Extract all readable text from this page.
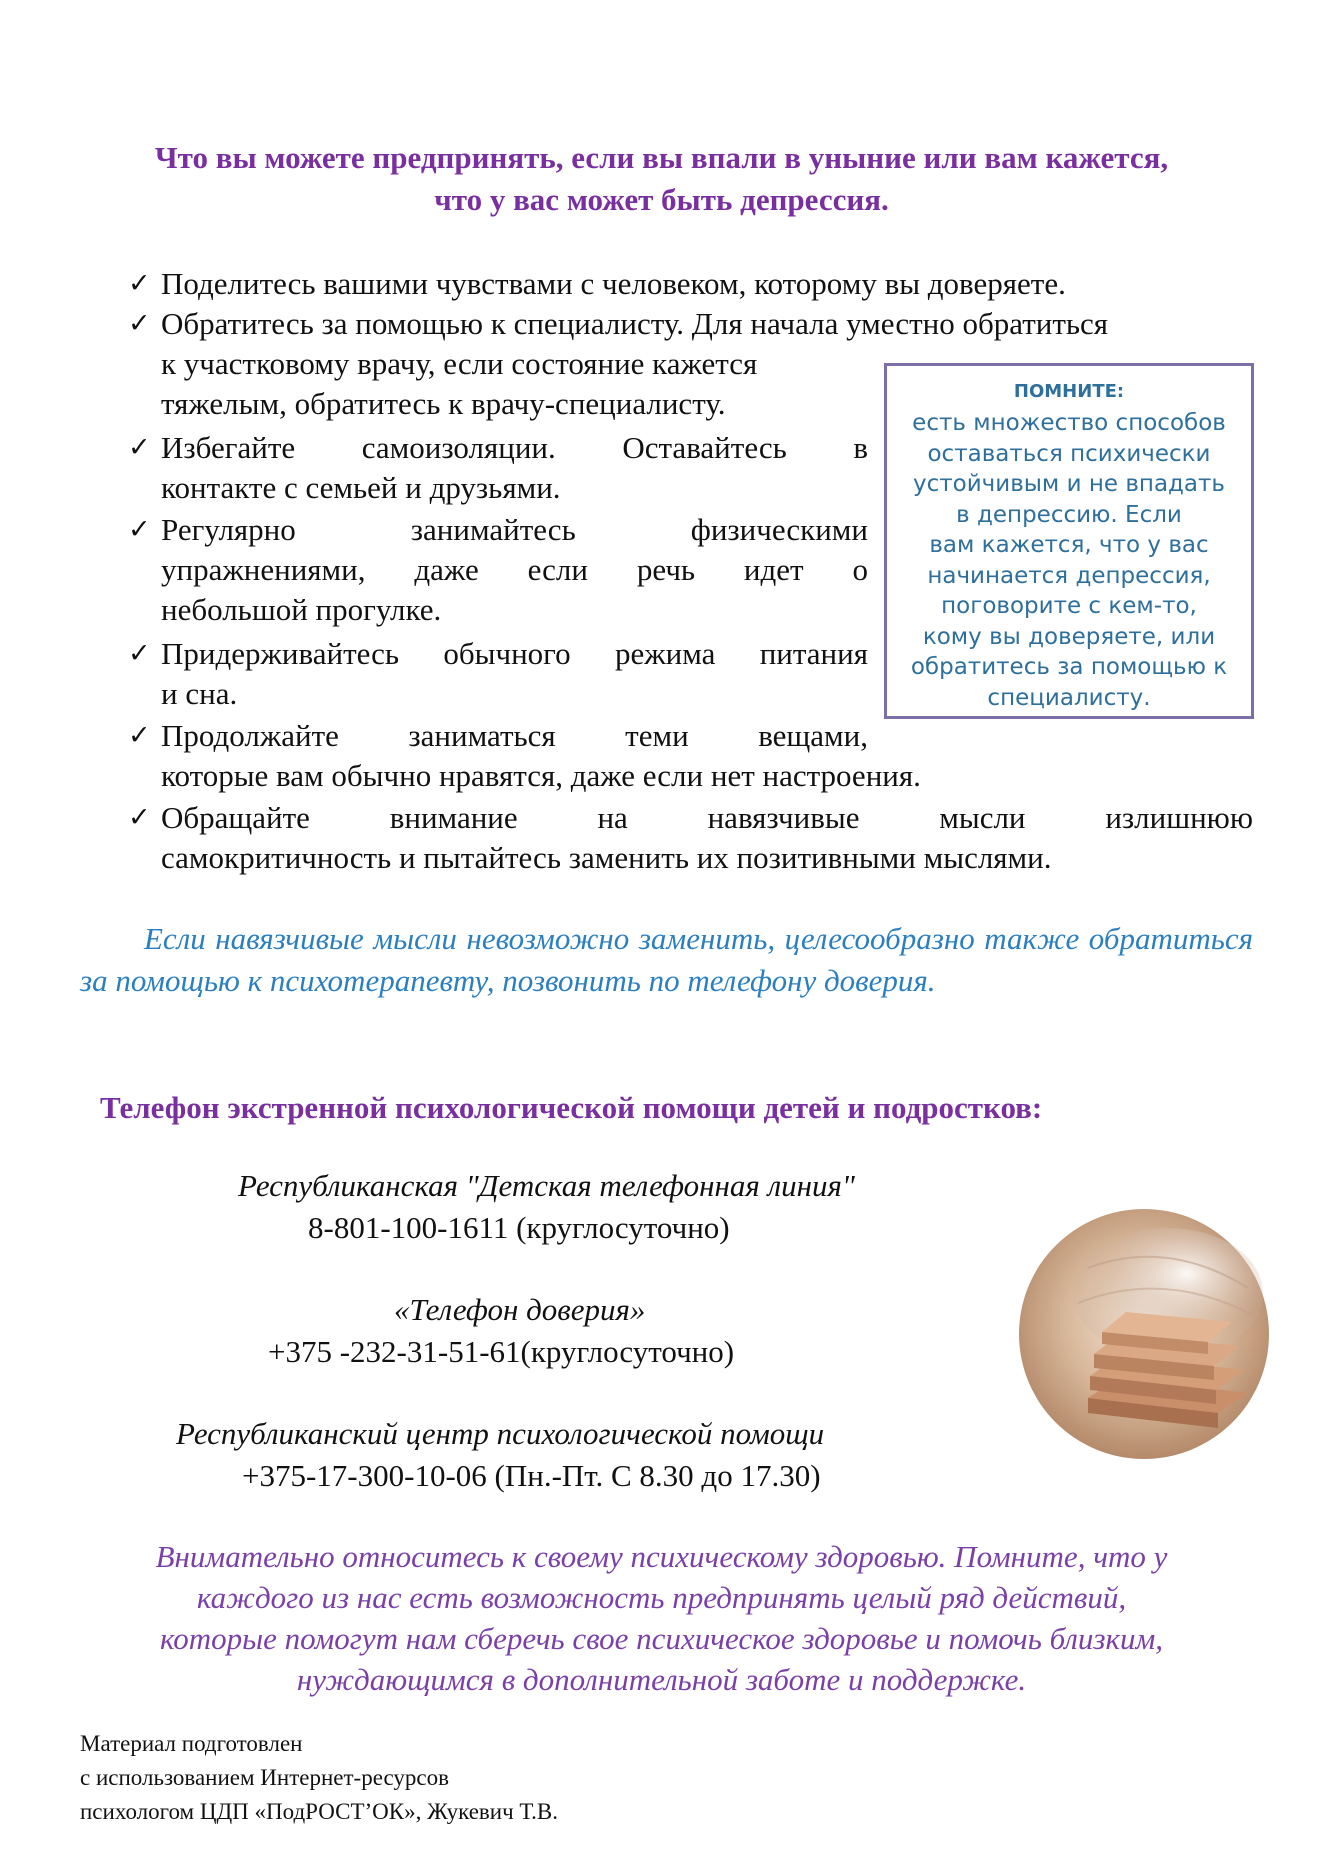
Что вы можете предпринять, если вы впали в уныние или вам кажется,
что у вас может быть депрессия.
✓ Поделитесь вашими чувствами с человеком, которому вы доверяете.
✓ Обратитесь за помощью к специалисту. Для начала уместно обратиться
к участковому врачу, если состояние кажется
тяжелым, обратитесь к врачу-специалисту.
✓ Избегайте самоизоляции. Оставайтесь в
контакте с семьей и друзьями.
✓ Регулярно занимайтесь физическими
упражнениями, даже если речь идет о
небольшой прогулке.
✓ Придерживайтесь обычного режима питания
и сна.
✓ Продолжайте заниматься теми вещами,
которые вам обычно нравятся, даже если нет настроения.
✓ Обращайте внимание на навязчивые мысли излишнюю
самокритичность и пытайтесь заменить их позитивными мыслями.
ПОМНИТЕ:
есть множество способов
оставаться психически
устойчивым и не впадать
в депрессию. Если
вам кажется, что у вас
начинается депрессия,
поговорите с кем-то,
кому вы доверяете, или
обратитесь за помощью к
специалисту.
Если навязчивые мысли невозможно заменить, целесообразно также обратиться за помощью к психотерапевту, позвонить по телефону доверия.
Телефон экстренной психологической помощи детей и подростков:
Республиканская "Детская телефонная линия"
8-801-100-1611 (круглосуточно)
«Телефон доверия»
+375 -232-31-51-61(круглосуточно)
Республиканский центр психологической помощи
+375-17-300-10-06 (Пн.-Пт. С 8.30 до 17.30)
Внимательно относитесь к своему психическому здоровью. Помните, что у
каждого из нас есть возможность предпринять целый ряд действий,
которые помогут нам сберечь свое психическое здоровье и помочь близким,
нуждающимся в дополнительной заботе и поддержке.
Материал подготовлен
с использованием Интернет-ресурсов
психологом ЦДП «ПодРОСТ’ОК», Жукевич Т.В.
